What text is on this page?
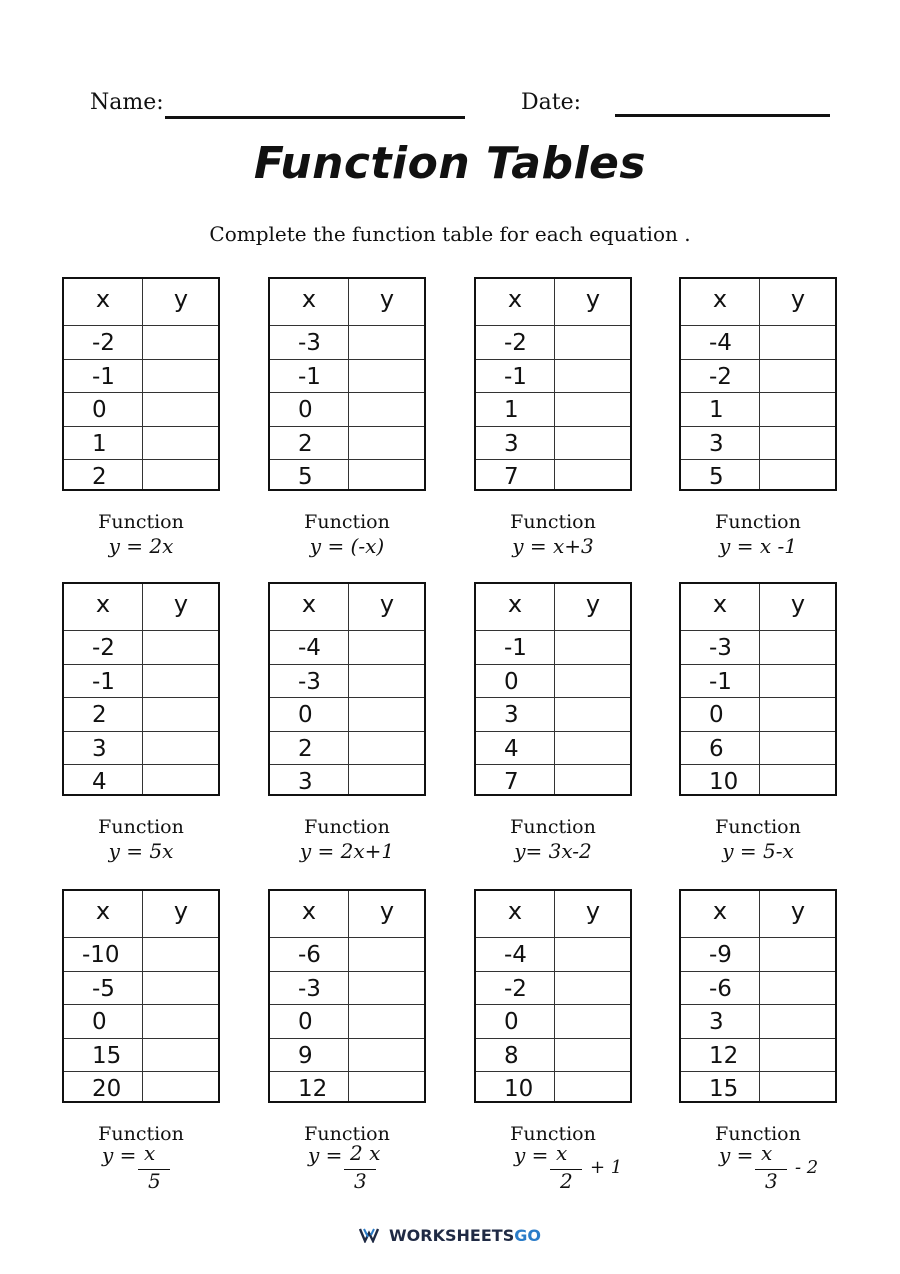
Name:	Date:
Function Tables
Complete the function table for each equation .
x	y
-2
-1
0
1
2
Function
y = 2x
x	y
-3
-1
0
2
5
Function
y = (-x)
x	y
-2
-1
1
3
7
Function
y = x+3
x	y
-4
-2
1
3
5
Function
y = x -1
x	y
-2
-1
2
3
4
Function
y = 5x
x	y
-4
-3
0
2
3
Function
y = 2x+1
x	y
-1
0
3
4
7
Function
y= 3x-2
x	y
-3
-1
0
6
10
Function
y = 5-x
x	y
-10
-5
0
15
20
Function
y = x
5
x	y
-6
-3
0
9
12
Function
y = 2 x
3
x	y
-4
-2
0
8
10
Function
y = x
2
+ 1
x	y
-9
-6
3
12
15
Function
y = x
3
- 2
WORKSHEETSGO
